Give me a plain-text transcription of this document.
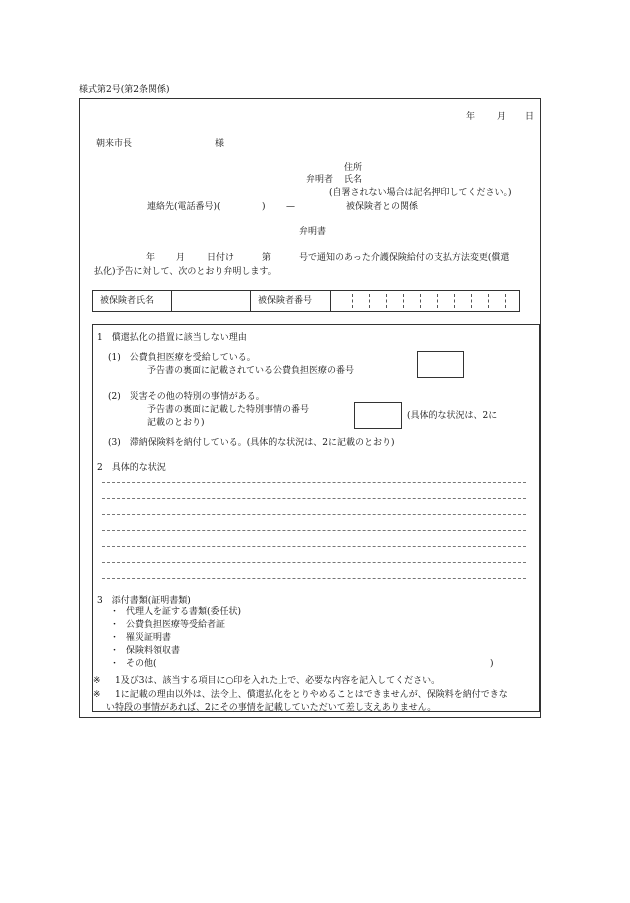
様式第2号(第2条関係)
年 月 日
朝来市長	様
住所
弁明者 氏名
(自署されない場合は記名押印してください。)
連絡先(電話番号)(	) —	被保険者との関係
弁明書
年 月 日付け	第	号で通知のあった介護保険給付の支払方法変更(償還
払化)予告に対して、次のとおり弁明します。
被保険者氏名	被保険者番号
1　償還払化の措置に該当しない理由
(1)　公費負担医療を受給している。
予告書の裏面に記載されている公費負担医療の番号
(2)　災害その他の特別の事情がある。
予告書の裏面に記載した特別事情の番号
記載のとおり)
(具体的な状況は、2に
(3)　滞納保険料を納付している。(具体的な状況は、2に記載のとおり)
2　具体的な状況
3　添付書類(証明書類)
・ 代理人を証する書類(委任状)
・ 公費負担医療等受給者証
・ 罹災証明書
・ 保険料領収書
・ その他(	)
※ 1及び3は、該当する項目に○印を入れた上で、必要な内容を記入してください。
※ 1に記載の理由以外は、法令上、償還払化をとりやめることはできませんが、保険料を納付できな
い特段の事情があれば、2にその事情を記載していただいて差し支えありません。
